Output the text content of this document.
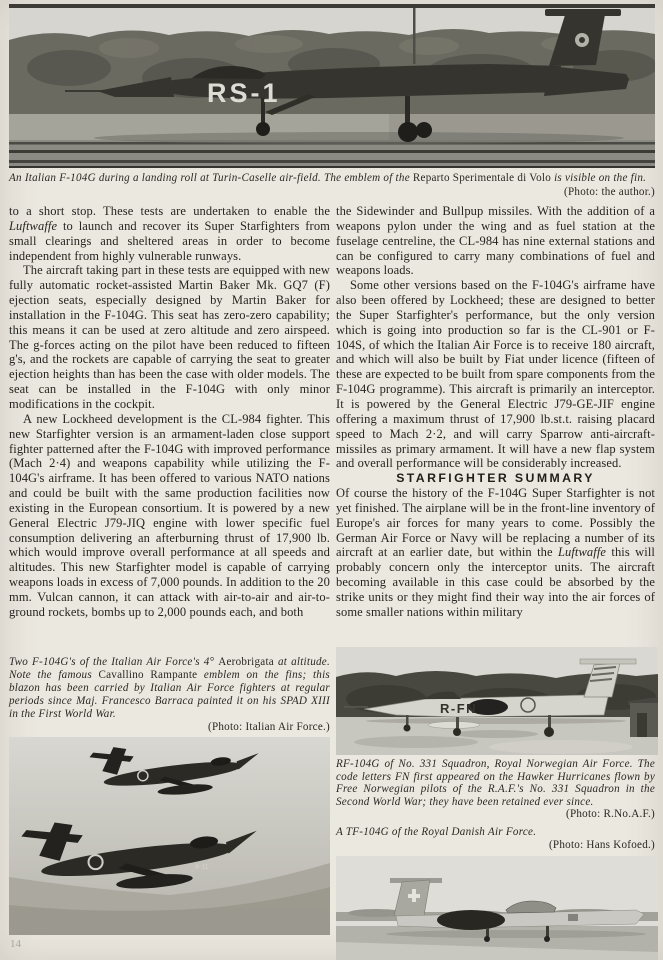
RS-1
An Italian F-104G during a landing roll at Turin-Caselle air-field. The emblem of the Reparto Sperimentale di Volo is visible on the fin.
(Photo: the author.)

to a short stop. These tests are undertaken to enable the Luftwaffe to launch and recover its Super Starfighters from small clearings and sheltered areas in order to become independent from highly vulnerable runways.

The aircraft taking part in these tests are equipped with new fully automatic rocket-assisted Martin Baker Mk. GQ7 (F) ejection seats, especially designed by Martin Baker for installation in the F-104G. This seat has zero-zero capability; this means it can be used at zero altitude and zero airspeed. The g-forces acting on the pilot have been reduced to fifteen g's, and the rockets are capable of carrying the seat to greater ejection heights than has been the case with older models. The seat can be installed in the F-104G with only minor modifications in the cockpit.

A new Lockheed development is the CL-984 fighter. This new Starfighter version is an armament-laden close support fighter patterned after the F-104G with improved performance (Mach 2·4) and weapons capability while utilizing the F-104G's airframe. It has been offered to various NATO nations and could be built with the same production facilities now existing in the European consortium. It is powered by a new General Electric J79-JIQ engine with lower specific fuel consumption delivering an afterburning thrust of 17,900 lb. which would improve overall performance at all speeds and altitudes. This new Starfighter model is capable of carrying weapons loads in excess of 7,000 pounds. In addition to the 20 mm. Vulcan cannon, it can attack with air-to-air and air-to-ground rockets, bombs up to 2,000 pounds each, and both

Two F-104G's of the Italian Air Force's 4° Aerobrigata at altitude. Note the famous Cavallino Rampante emblem on the fins; this blazon has been carried by Italian Air Force fighters at regular periods since Maj. Francesco Barraca painted it on his SPAD XIII in the First World War.
(Photo: Italian Air Force.)
4-11
14

the Sidewinder and Bullpup missiles. With the addition of a weapons pylon under the wing and as fuel station at the fuselage centreline, the CL-984 has nine external stations and can be configured to carry many combinations of fuel and weapons loads.

Some other versions based on the F-104G's airframe have also been offered by Lockheed; these are designed to better the Super Starfighter's performance, but the only version which is going into production so far is the CL-901 or F-104S, of which the Italian Air Force is to receive 180 aircraft, and which will also be built by Fiat under licence (fifteen of these are expected to be built from spare components from the F-104G programme). This aircraft is primarily an interceptor. It is powered by the General Electric J79-GE-JIF engine offering a maximum thrust of 17,900 lb.st.t. raising placard speed to Mach 2·2, and will carry Sparrow anti-aircraft-missiles as primary armament. It will have a new flap system and overall performance will be considerably increased.

STARFIGHTER SUMMARY

Of course the history of the F-104G Super Starfighter is not yet finished. The airplane will be in the front-line inventory of Europe's air forces for many years to come. Possibly the German Air Force or Navy will be replacing a number of its aircraft at an earlier date, but within the Luftwaffe this will probably concern only the interceptor units. The aircraft becoming available in this case could be absorbed by the strike units or they might find their way into the air forces of some smaller nations within military

R-FN
RF-104G of No. 331 Squadron, Royal Norwegian Air Force. The code letters FN first appeared on the Hawker Hurricanes flown by Free Norwegian pilots of the R.A.F.'s No. 331 Squadron in the Second World War; they have been retained ever since.
(Photo: R.No.A.F.)
A TF-104G of the Royal Danish Air Force.
(Photo: Hans Kofoed.)
